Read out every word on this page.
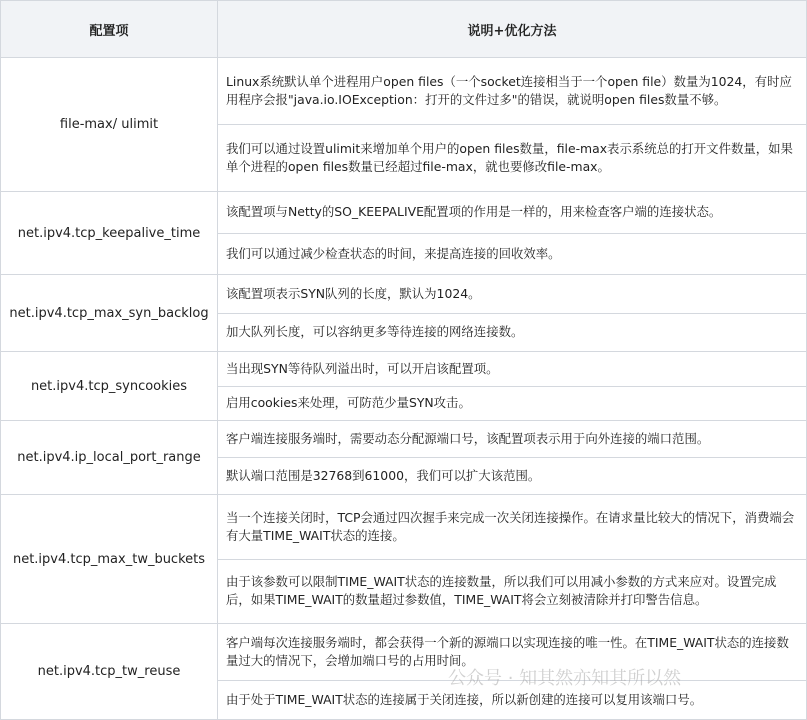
配置项	说明+优化方法
file-max/ ulimit
Linux系统默认单个进程用户open files（一个socket连接相当于一个open file）数量为1024，有时应用程序会报"java.io.IOException：打开的文件过多"的错误，就说明open files数量不够。
我们可以通过设置ulimit来增加单个用户的open files数量，file-max表示系统总的打开文件数量，如果单个进程的open files数量已经超过file-max，就也要修改file-max。
net.ipv4.tcp_keepalive_time
该配置项与Netty的SO_KEEPALIVE配置项的作用是一样的，用来检查客户端的连接状态。
我们可以通过减少检查状态的时间，来提高连接的回收效率。
net.ipv4.tcp_max_syn_backlog
该配置项表示SYN队列的长度，默认为1024。
加大队列长度，可以容纳更多等待连接的网络连接数。
net.ipv4.tcp_syncookies
当出现SYN等待队列溢出时，可以开启该配置项。
启用cookies来处理，可防范少量SYN攻击。
net.ipv4.ip_local_port_range
客户端连接服务端时，需要动态分配源端口号，该配置项表示用于向外连接的端口范围。
默认端口范围是32768到61000，我们可以扩大该范围。
net.ipv4.tcp_max_tw_buckets
当一个连接关闭时，TCP会通过四次握手来完成一次关闭连接操作。在请求量比较大的情况下，消费端会有大量TIME_WAIT状态的连接。
由于该参数可以限制TIME_WAIT状态的连接数量，所以我们可以用减小参数的方式来应对。设置完成后，如果TIME_WAIT的数量超过参数值，TIME_WAIT将会立刻被清除并打印警告信息。
net.ipv4.tcp_tw_reuse
客户端每次连接服务端时，都会获得一个新的源端口以实现连接的唯一性。在TIME_WAIT状态的连接数量过大的情况下，会增加端口号的占用时间。
由于处于TIME_WAIT状态的连接属于关闭连接，所以新创建的连接可以复用该端口号。
公众号 · 知其然亦知其所以然
